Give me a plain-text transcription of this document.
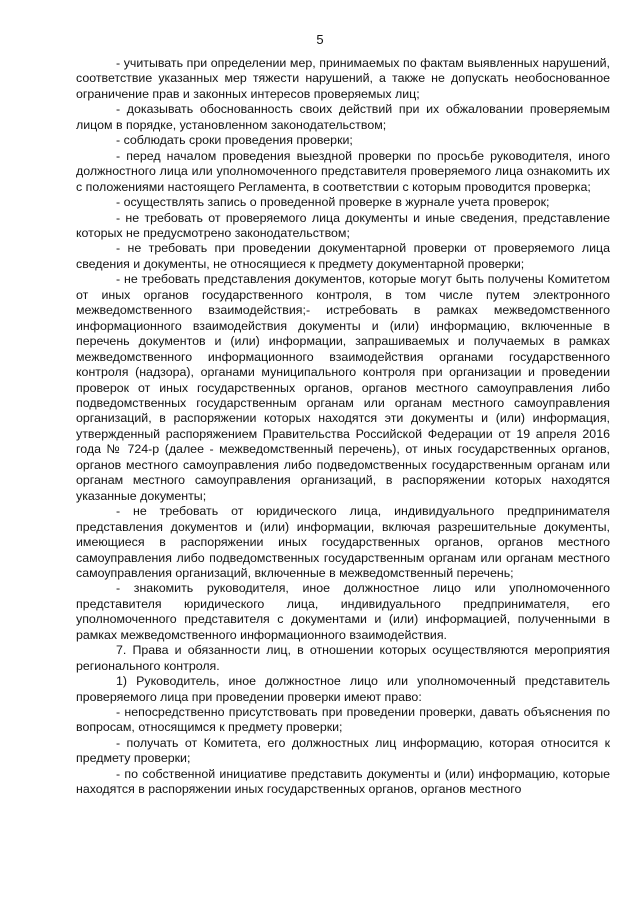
5

- учитывать при определении мер, принимаемых по фактам выявленных нарушений, соответствие указанных мер тяжести нарушений, а также не допускать необоснованное ограничение прав и законных интересов проверяемых лиц;

- доказывать обоснованность своих действий при их обжаловании проверяемым лицом в порядке, установленном законодательством;

- соблюдать сроки проведения проверки;

- перед началом проведения выездной проверки по просьбе руководителя, иного должностного лица или уполномоченного представителя проверяемого лица ознакомить их с положениями настоящего Регламента, в соответствии с которым проводится проверка;

- осуществлять запись о проведенной проверке в журнале учета проверок;

- не требовать от проверяемого лица документы и иные сведения, представление которых не предусмотрено законодательством;

- не требовать при проведении документарной проверки от проверяемого лица сведения и документы, не относящиеся к предмету документарной проверки;

- не требовать представления документов, которые могут быть получены Комитетом от иных органов государственного контроля, в том числе путем электронного межведомственного взаимодействия;- истребовать в рамках межведомственного информационного взаимодействия документы и (или) информацию, включенные в перечень документов и (или) информации, запрашиваемых и получаемых в рамках межведомственного информационного взаимодействия органами государственного контроля (надзора), органами муниципального контроля при организации и проведении проверок от иных государственных органов, органов местного самоуправления либо подведомственных государственным органам или органам местного самоуправления организаций, в распоряжении которых находятся эти документы и (или) информация, утвержденный распоряжением Правительства Российской Федерации от 19 апреля 2016 года № 724-р (далее - межведомственный перечень), от иных государственных органов, органов местного самоуправления либо подведомственных государственным органам или органам местного самоуправления организаций, в распоряжении которых находятся указанные документы;

- не требовать от юридического лица, индивидуального предпринимателя представления документов и (или) информации, включая разрешительные документы, имеющиеся в распоряжении иных государственных органов, органов местного самоуправления либо подведомственных государственным органам или органам местного самоуправления организаций, включенные в межведомственный перечень;

- знакомить руководителя, иное должностное лицо или уполномоченного представителя юридического лица, индивидуального предпринимателя, его уполномоченного представителя с документами и (или) информацией, полученными в рамках межведомственного информационного взаимодействия.

7. Права и обязанности лиц, в отношении которых осуществляются мероприятия регионального контроля.

1) Руководитель, иное должностное лицо или уполномоченный представитель проверяемого лица при проведении проверки имеют право:

- непосредственно присутствовать при проведении проверки, давать объяснения по вопросам, относящимся к предмету проверки;

- получать от Комитета, его должностных лиц информацию, которая относится к предмету проверки;

- по собственной инициативе представить документы и (или) информацию, которые находятся в распоряжении иных государственных органов, органов местного
